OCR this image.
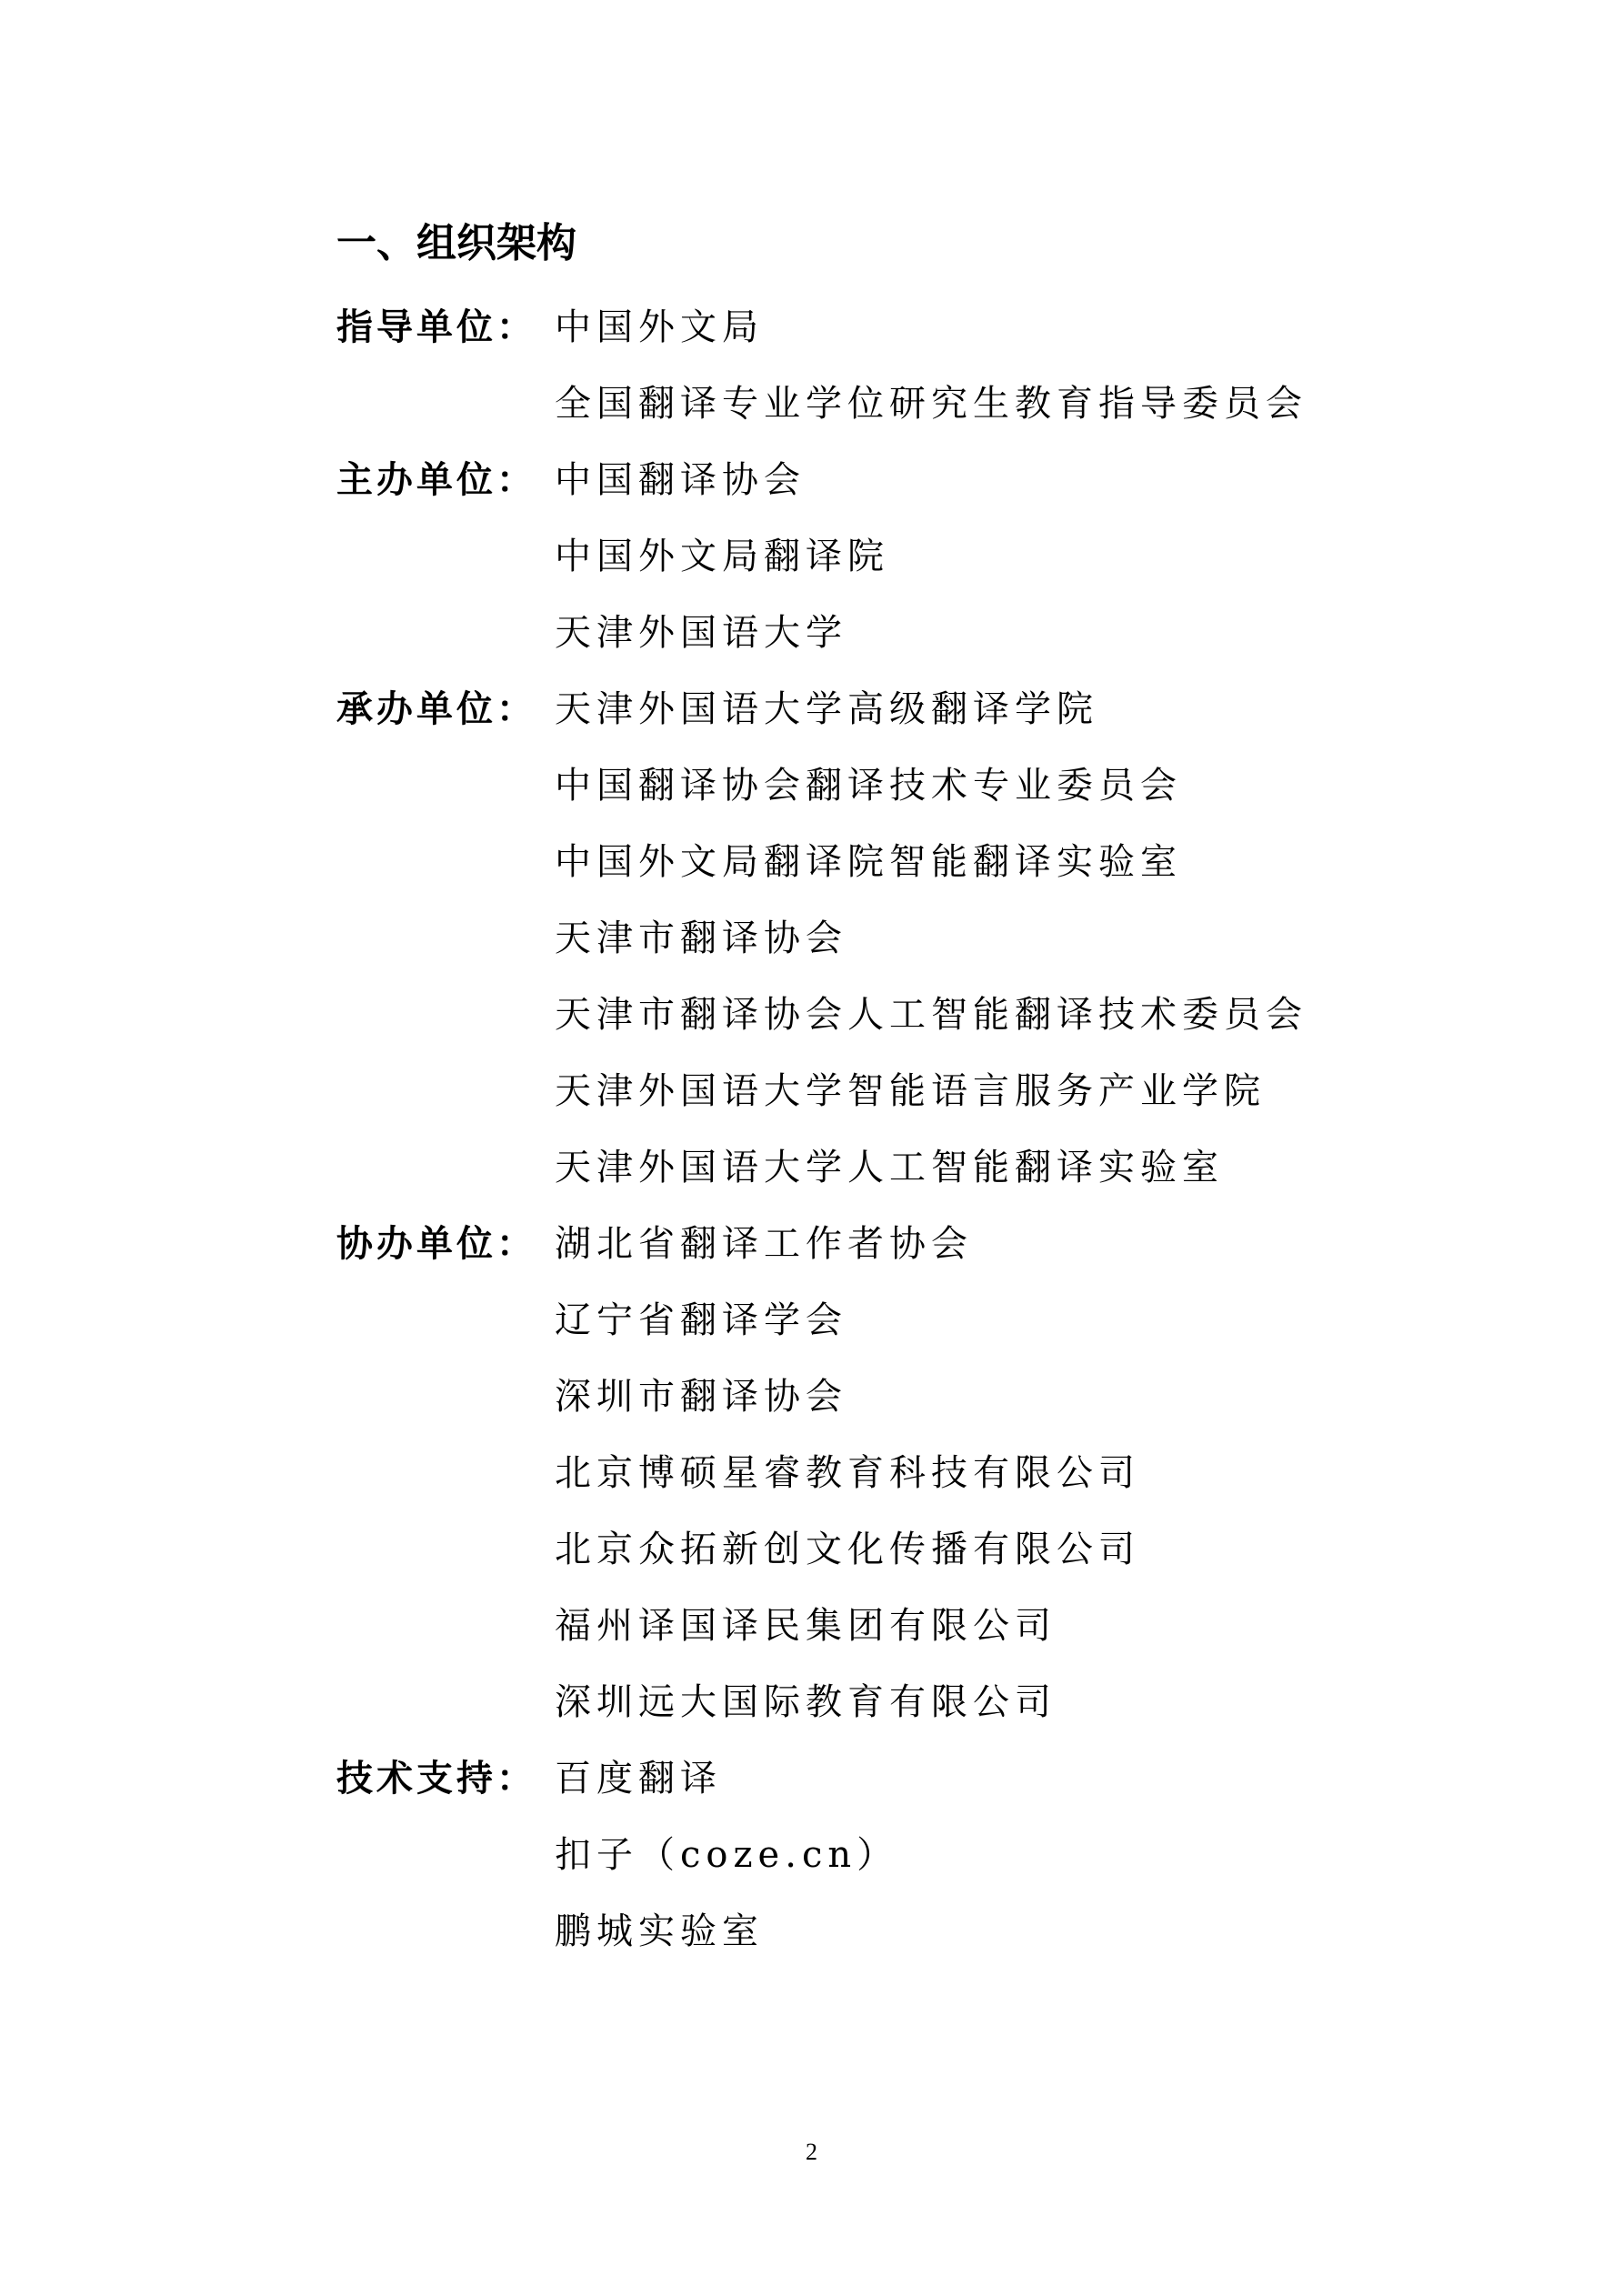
一、组织架构
指导单位： 中国外文局
全国翻译专业学位研究生教育指导委员会
主办单位： 中国翻译协会
中国外文局翻译院
天津外国语大学
承办单位： 天津外国语大学高级翻译学院
中国翻译协会翻译技术专业委员会
中国外文局翻译院智能翻译实验室
天津市翻译协会
天津市翻译协会人工智能翻译技术委员会
天津外国语大学智能语言服务产业学院
天津外国语大学人工智能翻译实验室
协办单位： 湖北省翻译工作者协会
辽宁省翻译学会
深圳市翻译协会
北京博硕星睿教育科技有限公司
北京众拓新创文化传播有限公司
福州译国译民集团有限公司
深圳远大国际教育有限公司
技术支持： 百度翻译
扣子（coze.cn）
鹏城实验室
2
